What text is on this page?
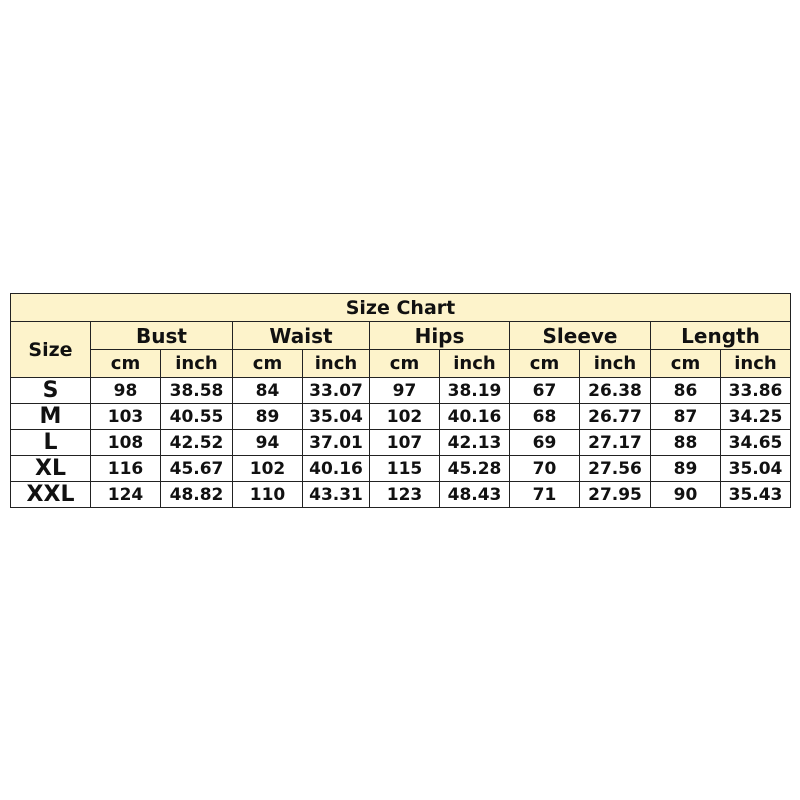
Size Chart										
Size	Bust		Waist		Hips		Sleeve		Length	
	cm	inch	cm	inch	cm	inch	cm	inch	cm	inch
S	98	38.58	84	33.07	97	38.19	67	26.38	86	33.86
M	103	40.55	89	35.04	102	40.16	68	26.77	87	34.25
L	108	42.52	94	37.01	107	42.13	69	27.17	88	34.65
XL	116	45.67	102	40.16	115	45.28	70	27.56	89	35.04
XXL	124	48.82	110	43.31	123	48.43	71	27.95	90	35.43
